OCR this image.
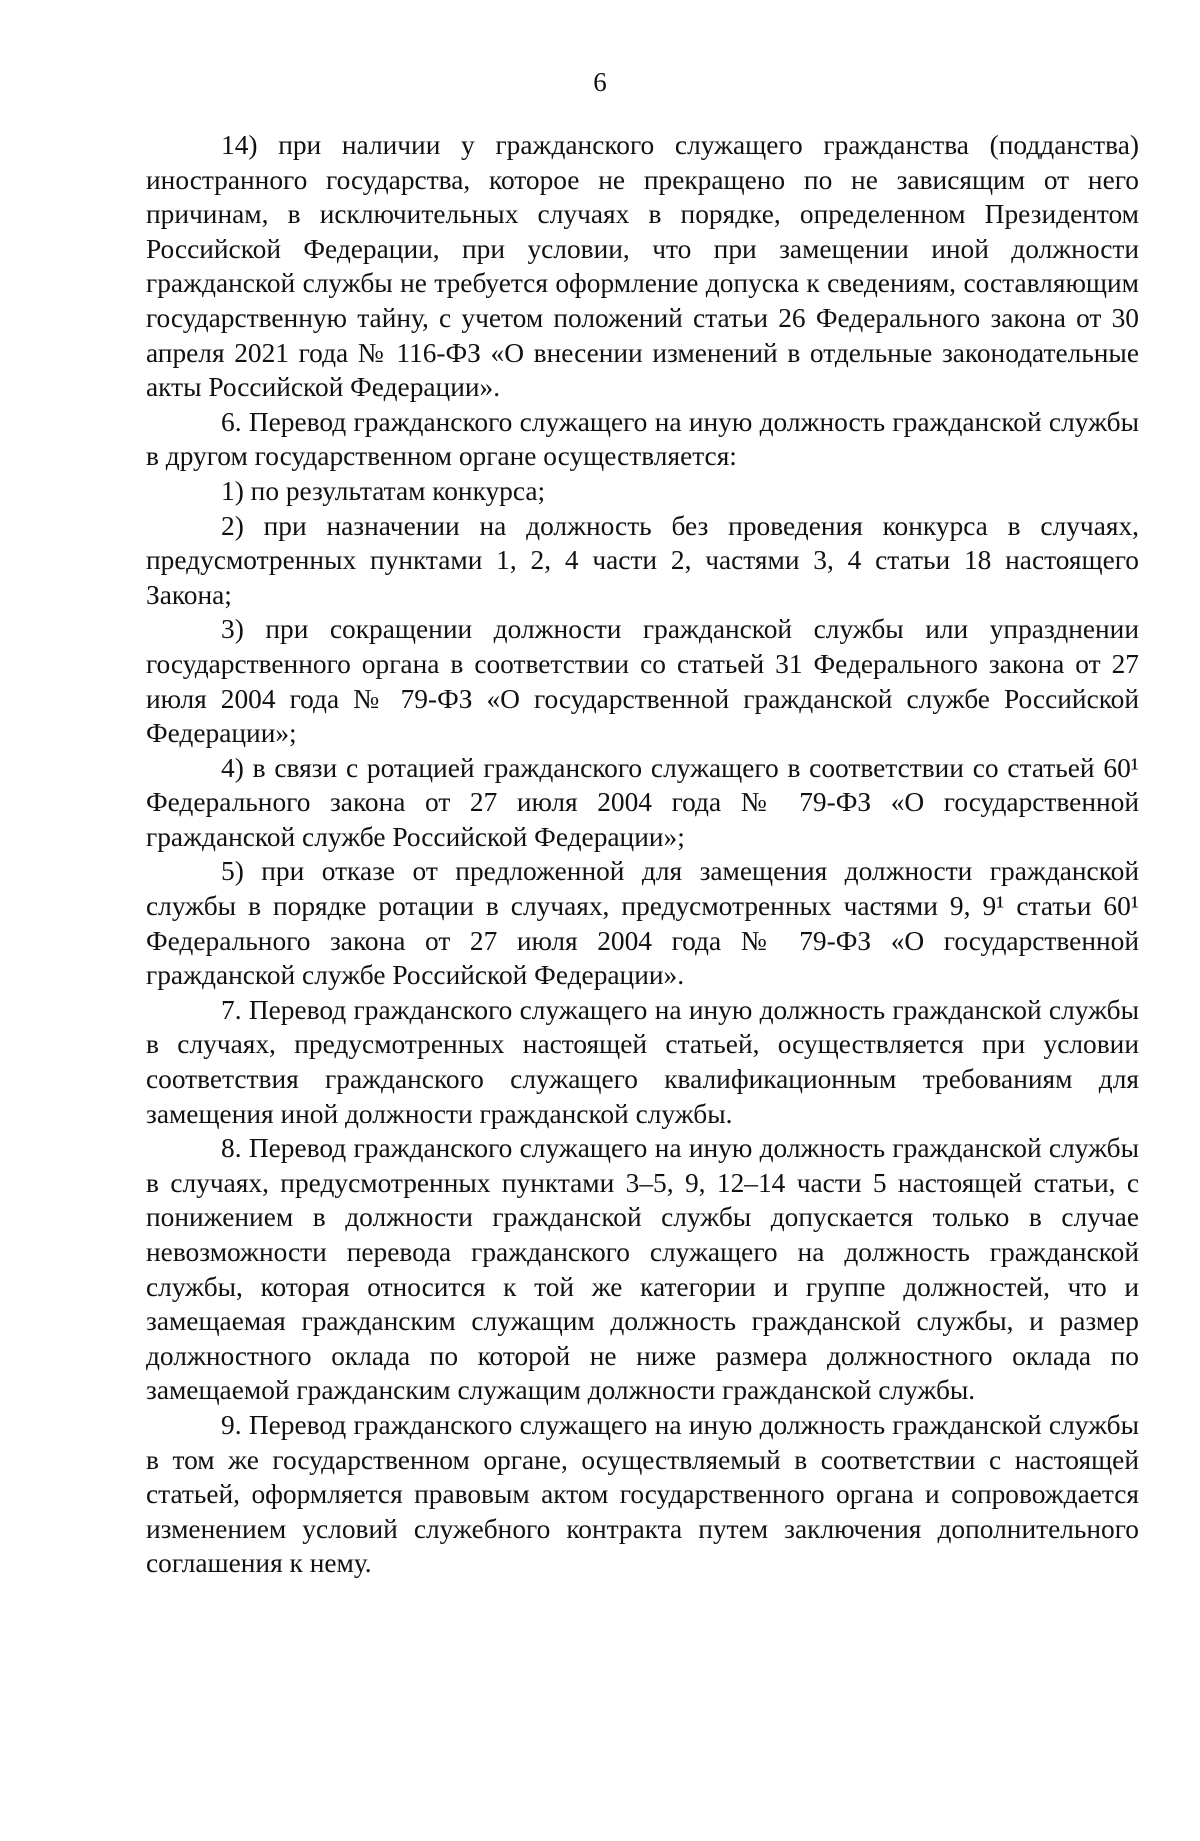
6

14) при наличии у гражданского служащего гражданства (подданства) иностранного государства, которое не прекращено по не зависящим от него причинам, в исключительных случаях в порядке, определенном Президентом Российской Федерации, при условии, что при замещении иной должности гражданской службы не требуется оформление допуска к сведениям, составляющим государственную тайну, с учетом положений статьи 26 Федерального закона от 30 апреля 2021 года № 116-ФЗ «О внесении изменений в отдельные законодательные акты Российской Федерации».

6. Перевод гражданского служащего на иную должность гражданской службы в другом государственном органе осуществляется:

1) по результатам конкурса;

2) при назначении на должность без проведения конкурса в случаях, предусмотренных пунктами 1, 2, 4 части 2, частями 3, 4 статьи 18 настоящего Закона;

3) при сокращении должности гражданской службы или упразднении государственного органа в соответствии со статьей 31 Федерального закона от 27 июля 2004 года № 79-ФЗ «О государственной гражданской службе Российской Федерации»;

4) в связи с ротацией гражданского служащего в соответствии со статьей 60¹ Федерального закона от 27 июля 2004 года № 79-ФЗ «О государственной гражданской службе Российской Федерации»;

5) при отказе от предложенной для замещения должности гражданской службы в порядке ротации в случаях, предусмотренных частями 9, 9¹ статьи 60¹ Федерального закона от 27 июля 2004 года № 79-ФЗ «О государственной гражданской службе Российской Федерации».

7. Перевод гражданского служащего на иную должность гражданской службы в случаях, предусмотренных настоящей статьей, осуществляется при условии соответствия гражданского служащего квалификационным требованиям для замещения иной должности гражданской службы.

8. Перевод гражданского служащего на иную должность гражданской службы в случаях, предусмотренных пунктами 3–5, 9, 12–14 части 5 настоящей статьи, с понижением в должности гражданской службы допускается только в случае невозможности перевода гражданского служащего на должность гражданской службы, которая относится к той же категории и группе должностей, что и замещаемая гражданским служащим должность гражданской службы, и размер должностного оклада по которой не ниже размера должностного оклада по замещаемой гражданским служащим должности гражданской службы.

9. Перевод гражданского служащего на иную должность гражданской службы в том же государственном органе, осуществляемый в соответствии с настоящей статьей, оформляется правовым актом государственного органа и сопровождается изменением условий служебного контракта путем заключения дополнительного соглашения к нему.
